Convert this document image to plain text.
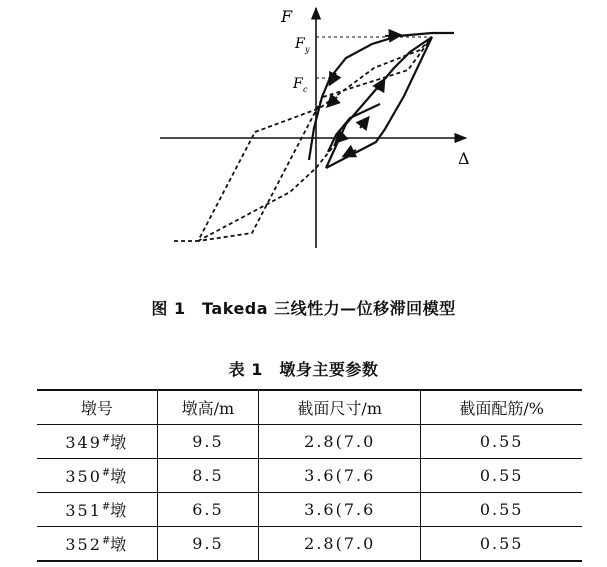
F
Δ
F y
F c
图 1　Takeda 三线性力—位移滞回模型
表 1　墩身主要参数
墩号	墩高/m	截面尺寸/m	截面配筋/%
349#墩	9.5	2.8(7.0	0.55
350#墩	8.5	3.6(7.6	0.55
351#墩	6.5	3.6(7.6	0.55
352#墩	9.5	2.8(7.0	0.55
